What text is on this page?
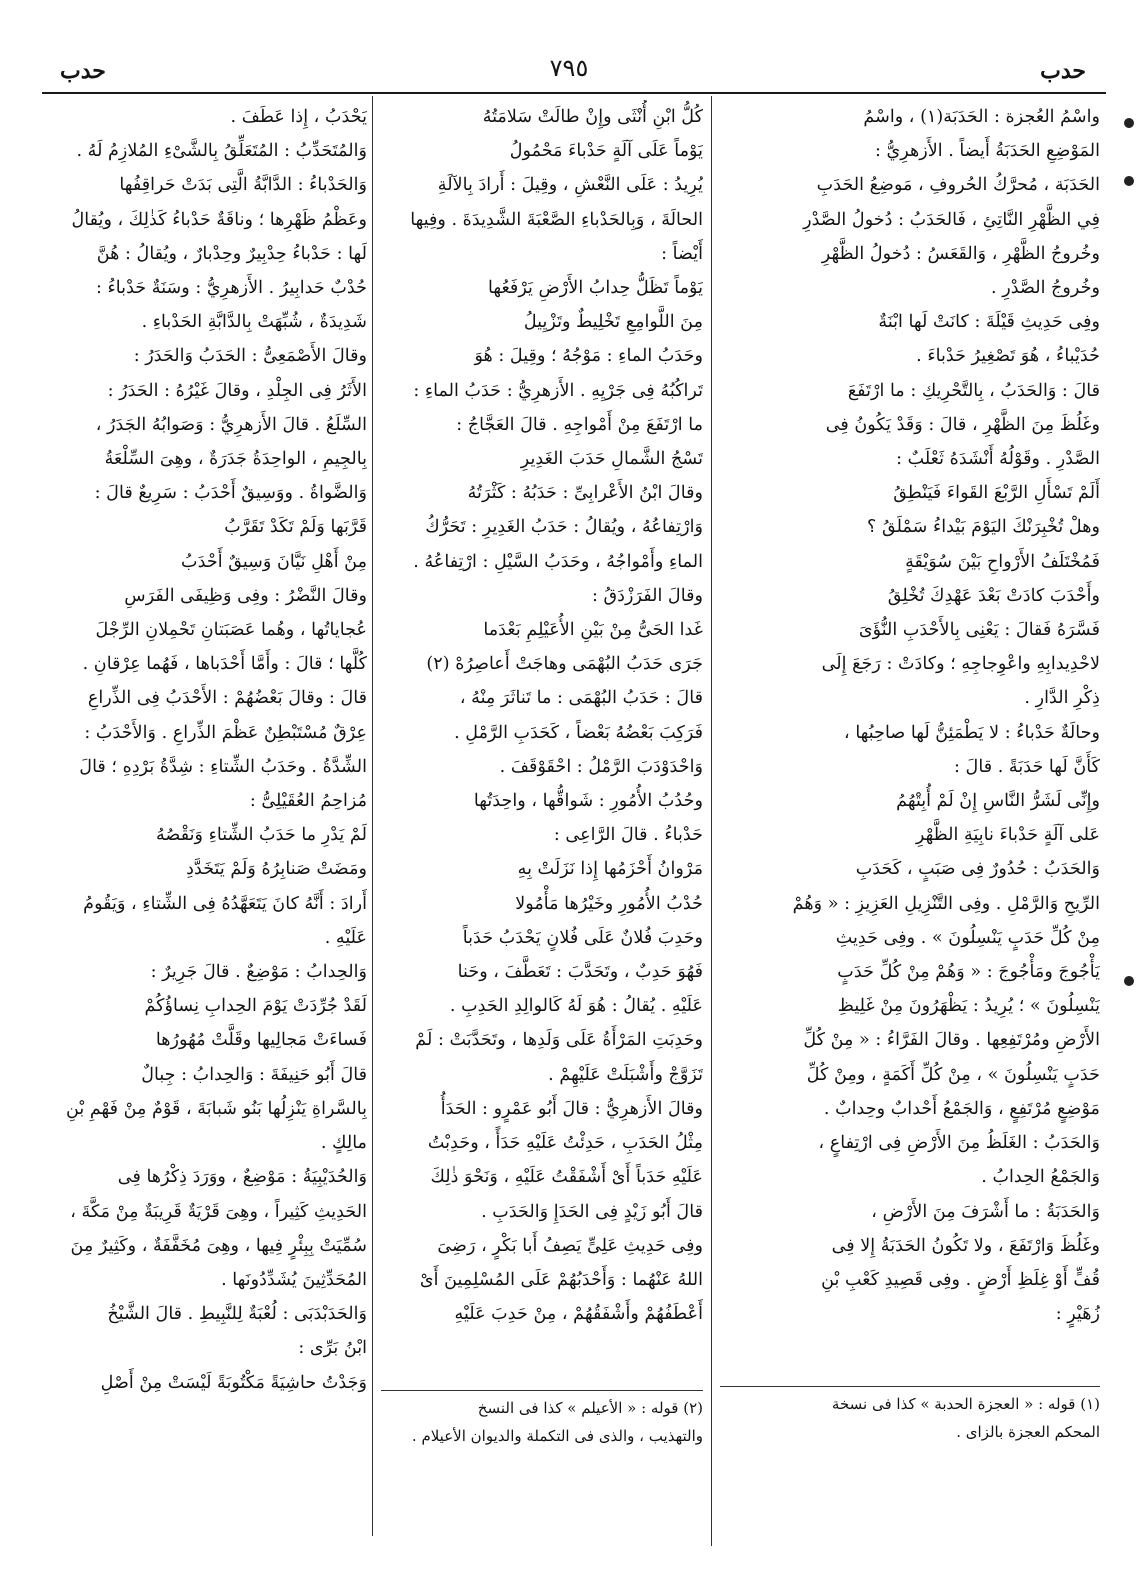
حدب
٧٩٥
حدب

واسْمُ العُجزة : الحَدَبَة(١) ، واسْمُ

المَوْضِعِ الحَدَبَةُ أَيضاً . الأَزهرِيُّ :

الحَدَبَة ، مُحرَّكُ الحُروفِ ، مَوضِعُ الحَدَبِ

فِي الظَّهْرِ النَّاتِئِ ، فَالحَدَبُ : دُخولُ الصَّدْرِ

وخُروجُ الظَّهْرِ ، وَالقَعَسُ : دُخولُ الظَّهْرِ

وخُروجُ الصَّدْرِ .

وفِى حَدِيثِ قَيْلَةَ : كانَتْ لَها ابْنَةٌ

حُدَيْباءُ ، هُوَ تَصْغِيرُ حَدْباءَ .

قالَ : وَالحَدَبُ ، بِالتَّحْرِيكِ : ما ارْتَفَعَ

وغَلُظَ مِنَ الظَّهْرِ ، قالَ : وَقَدْ يَكُونُ فِى

الصَّدْرِ . وقَوْلُهُ أَنْشَدَهُ ثَعْلَبٌ :

أَلَمْ تَسْأَلِ الرَّبْعَ القَواءَ فَيَنْطِقُ

وهلْ تُخْبِرَنْكَ اليَوْمَ بَيْداءُ سَمْلَقُ ؟

فَمُخْتَلَفُ الأَرْواحِ بَيْنَ سُوَيْقَةٍ

وأَحْدَبَ كادَتْ بَعْدَ عَهْدِكَ تُخْلِقُ

فَسَّرَهُ فَقالَ : يَعْنِى بِالأَحْدَبِ النُّؤَىَ

لاحْدِيدابِهِ واعْوِجاجِهِ ؛ وكادَتْ : رَجَعَ إِلَى

ذِكْرِ الدَّارِ .

وحالَةٌ حَدْباءُ : لا يَطْمَئِنُّ لَها صاحِبُها ،

كَأَنَّ لَها حَدَبَةً . قالَ :

وإِنِّى لَشَرُّ النَّاسِ إِنْ لَمْ أُبِتْهُمُ

عَلى آلَةٍ حَدْباءَ نابِيَةِ الظَّهْرِ

وَالحَدَبُ : حُدُورٌ فِى صَبَبٍ ، كَحَدَبِ

الرِّيحِ وَالرَّمْلِ . وفِى التَّنْزِيلِ العَزِيزِ : « وَهُمْ

مِنْ كُلِّ حَدَبٍ يَنْسِلُونَ » . وفِى حَدِيثِ

يَأْجُوجَ ومَأْجُوجَ : « وَهُمْ مِنْ كُلِّ حَدَبٍ

يَنْسِلُونَ » ؛ يُرِيدُ : يَظْهَرُونَ مِنْ غَلِيظِ

الأَرْضِ ومُرْتَفِعِها . وقالَ الفَرَّاءُ : « مِنْ كُلِّ

حَدَبٍ يَنْسِلُونَ » ، مِنْ كُلِّ أَكَمَةٍ ، ومِنْ كُلِّ

مَوْضِعٍ مُرْتَفِعٍ ، وَالجَمْعُ أَحْدابٌ وحِدابٌ .

وَالحَدَبُ : الغَلَظُ مِنَ الأَرْضِ فِى ارْتِفاعٍ ،

وَالجَمْعُ الحِدابُ .

وَالحَدَبَةُ : ما أَشْرَفَ مِنَ الأَرْضِ ،

وغَلُظَ وَارْتَفَعَ ، ولا تَكُونُ الحَدَبَةُ إِلا فِى

قُفٍّ أَوْ غِلَظِ أَرْضٍ . وفِى قَصِيدِ كَعْبِ بْنِ

زُهَيْرٍ :

كُلُّ ابْنِ أُنْثَى وإِنْ طالَتْ سَلامَتُهُ

يَوْماً عَلَى آلَةٍ حَدْباءَ مَحْمُولُ

يُرِيدُ : عَلَى النَّعْشِ ، وقِيلَ : أَرادَ بِالآلَةِ

الحالَةَ ، وَبِالحَدْباءِ الصَّعْبَةَ الشَّدِيدَةَ . وفِيها

أَيْضاً :

يَوْماً تَظَلُّ حِدابُ الأَرْضِ يَرْفَعُها

مِنَ اللَّوامِعِ تَخْلِيطٌ وتَزْيِيلُ

وحَدَبُ الماءِ : مَوْجُهُ ؛ وقِيلَ : هُوَ

تَراكُبُهُ فِى جَرْيِهِ . الأَزهرِيُّ : حَدَبُ الماءِ :

ما ارْتَفَعَ مِنْ أَمْواجِهِ . قالَ العَجَّاجُ :

تَسْجُ الشَّمالِ حَدَبَ الغَدِيرِ

وقالَ ابْنُ الأَعْرابِىِّ : حَدَبُهُ : كَثْرَتُهُ

وَارْتِفاعُهُ ، ويُقالُ : حَدَبُ الغَدِيرِ : تَحَرُّكُ

الماءِ وأَمْواجُهُ ، وحَدَبُ السَّيْلِ : ارْتِفاعُهُ .

وقالَ الفَرَزْدَقُ :

غَدا الحَىُّ مِنْ بَيْنِ الأُعَيْلِمِ بَعْدَما

جَرَى حَدَبُ البُهْمَى وهاجَتْ أَعاصِرُهْ (٢)

قالَ : حَدَبُ البُهْمَى : ما تَناثَرَ مِنْهُ ،

فَرَكِبَ بَعْضُهُ بَعْضاً ، كَحَدَبِ الرَّمْلِ .

وَاحْدَوْدَبَ الرَّمْلُ : احْقَوْقَفَ .

وحُدُبُ الأُمُورِ : شَواقُّها ، واحِدَتُها

حَدْباءُ . قالَ الرَّاعِى :

مَرْوانُ أَحْزَمُها إِذا نَزَلَتْ بِهِ

حُدْبُ الأُمُورِ وخَيْرُها مَأْمُولا

وحَدِبَ فُلانٌ عَلَى فُلانٍ يَحْدَبُ حَدَباً

فَهُوَ حَدِبٌ ، وتَحَدَّبَ : تَعَطَّفَ ، وحَنا

عَلَيْهِ . يُقالُ : هُوَ لَهُ كَالوالِدِ الحَدِبِ .

وحَدِبَتِ المَرْأَةُ عَلَى وَلَدِها ، وتَحَدَّبَتْ : لَمْ

تَزَوَّجْ وأَشْبَلَتْ عَلَيْهِمْ .

وقالَ الأَزهرِيُّ : قالَ أَبُو عَمْرٍو : الحَدَأُ

مِثْلُ الحَدَبِ ، حَدِئْتُ عَلَيْهِ حَدَأً ، وحَدِبْتُ

عَلَيْهِ حَدَباً أَىْ أَشْفَقْتُ عَلَيْهِ ، وَنَحْوَ ذٰلِكَ

قالَ أَبُو زَيْدٍ فِى الحَدَإِ وَالحَدَبِ .

وفِى حَدِيثِ عَلِىٍّ يَصِفُ أَبا بَكْرٍ ، رَضِىَ

اللهُ عَنْهُما : وَأَحْدَبُهُمْ عَلَى المُسْلِمِينَ أَىْ

أَعْطَفُهُمْ وأَشْفَقُهُمْ ، مِنْ حَدِبَ عَلَيْهِ

يَحْدَبُ ، إِذا عَطَفَ .

وَالمُتَحَدِّبُ : المُتَعَلِّقُ بِالشَّىْءِ المُلازِمُ لَهُ .

وَالحَدْباءُ : الدَّابَّةُ الَّتِى بَدَتْ حَراقِفُها

وعَظْمُ ظَهْرِها ؛ وناقَةٌ حَدْباءُ كَذٰلِكَ ، ويُقالُ

لَها : حَدْباءُ حِدْبِيرٌ وحِدْبارٌ ، ويُقالُ : هُنَّ

حُدْبٌ حَدابِيرُ . الأَزهرِيُّ : وسَنَةٌ حَدْباءُ :

شَدِيدَةٌ ، شُبِّهَتْ بِالدَّابَّةِ الحَدْباءِ .

وقالَ الأَصْمَعِىُّ : الحَدَبُ وَالحَدَرُ :

الأَثَرُ فِى الجِلْدِ ، وقالَ غَيْرُهُ : الحَدَرُ :

السِّلَعُ . قالَ الأَزهرِيُّ : وَصَوابُهُ الجَدَرُ ،

بِالجِيمِ ، الواحِدَةُ جَدَرَةٌ ، وهِىَ السِّلْعَةُ

وَالضَّواةُ . ووَسِيقٌ أَحْدَبُ : سَرِيعٌ قالَ :

قَرَّبَها وَلَمْ تَكَدْ تَقَرَّبُ

مِنْ أَهْلِ نَيَّانَ وَسِيقٌ أَحْدَبُ

وقالَ النَّضْرُ : وفِى وَظِيفَى الفَرَسِ

عُجاياتُها ، وهُما عَصَبَتانِ تَحْمِلانِ الرِّجْلَ

كُلَّها ؛ قالَ : وأَمَّا أَحْدَباها ، فَهُما عِرْقانِ .

قالَ : وقالَ بَعْضُهُمْ : الأَحْدَبُ فِى الذِّراعِ

عِرْقٌ مُسْتَبْطِنٌ عَظْمَ الذِّراعِ . وَالأَحْدَبُ :

الشِّدَّةُ . وحَدَبُ الشِّتاءِ : شِدَّةُ بَرْدِهِ ؛ قالَ

مُزاحِمُ العُقَيْلِىُّ :

لَمْ يَدْرِ ما حَدَبُ الشِّتاءِ وَنَقْصُهُ

ومَضَتْ صَنابِرُهُ وَلَمْ يَتَخَدَّدِ

أَرادَ : أَنَّهُ كانَ يَتَعَهَّدُهُ فِى الشِّتاءِ ، وَيَقُومُ

عَلَيْهِ .

وَالحِدابُ : مَوْضِعٌ . قالَ جَرِيرٌ :

لَقَدْ جُرِّدَتْ يَوْمَ الحِدابِ نِساؤُكُمْ

فَساءَتْ مَجالِيها وقَلَّتْ مُهُورُها

قالَ أَبُو حَنِيفَةَ : وَالحِدابُ : جِبالٌ

بِالسَّراةِ يَنْزِلُها بَنُو شَبابَةَ ، قَوْمٌ مِنْ فَهْمِ بْنِ

مالِكٍ .

وَالحُدَيْبِيَةُ : مَوْضِعٌ ، ووَرَدَ ذِكْرُها فِى

الحَدِيثِ كَثِيراً ، وهِىَ قَرْيَةٌ قَرِيبَةٌ مِنْ مَكَّةَ ،

سُمِّيَتْ بِبِئْرٍ فِيها ، وهِىَ مُخَفَّفَةٌ ، وكَثِيرٌ مِنَ

المُحَدِّثِينَ يُشَدِّدُونَها .

وَالحَدَبْدَبَى : لُعْبَةٌ لِلنَّبِيطِ . قالَ الشَّيْخُ

ابْنُ بَرِّى :

وَجَدْتُ حاشِيَةً مَكْتُوبَةً لَيْسَتْ مِنْ أَصْلِ

(١) قوله : « العجزة الحدبة » كذا فى نسخة

المحكم العجزة بالزاى .

(٢) قوله : « الأعيلم » كذا فى النسخ

والتهذيب ، والذى فى التكملة والديوان الأعيلام .
